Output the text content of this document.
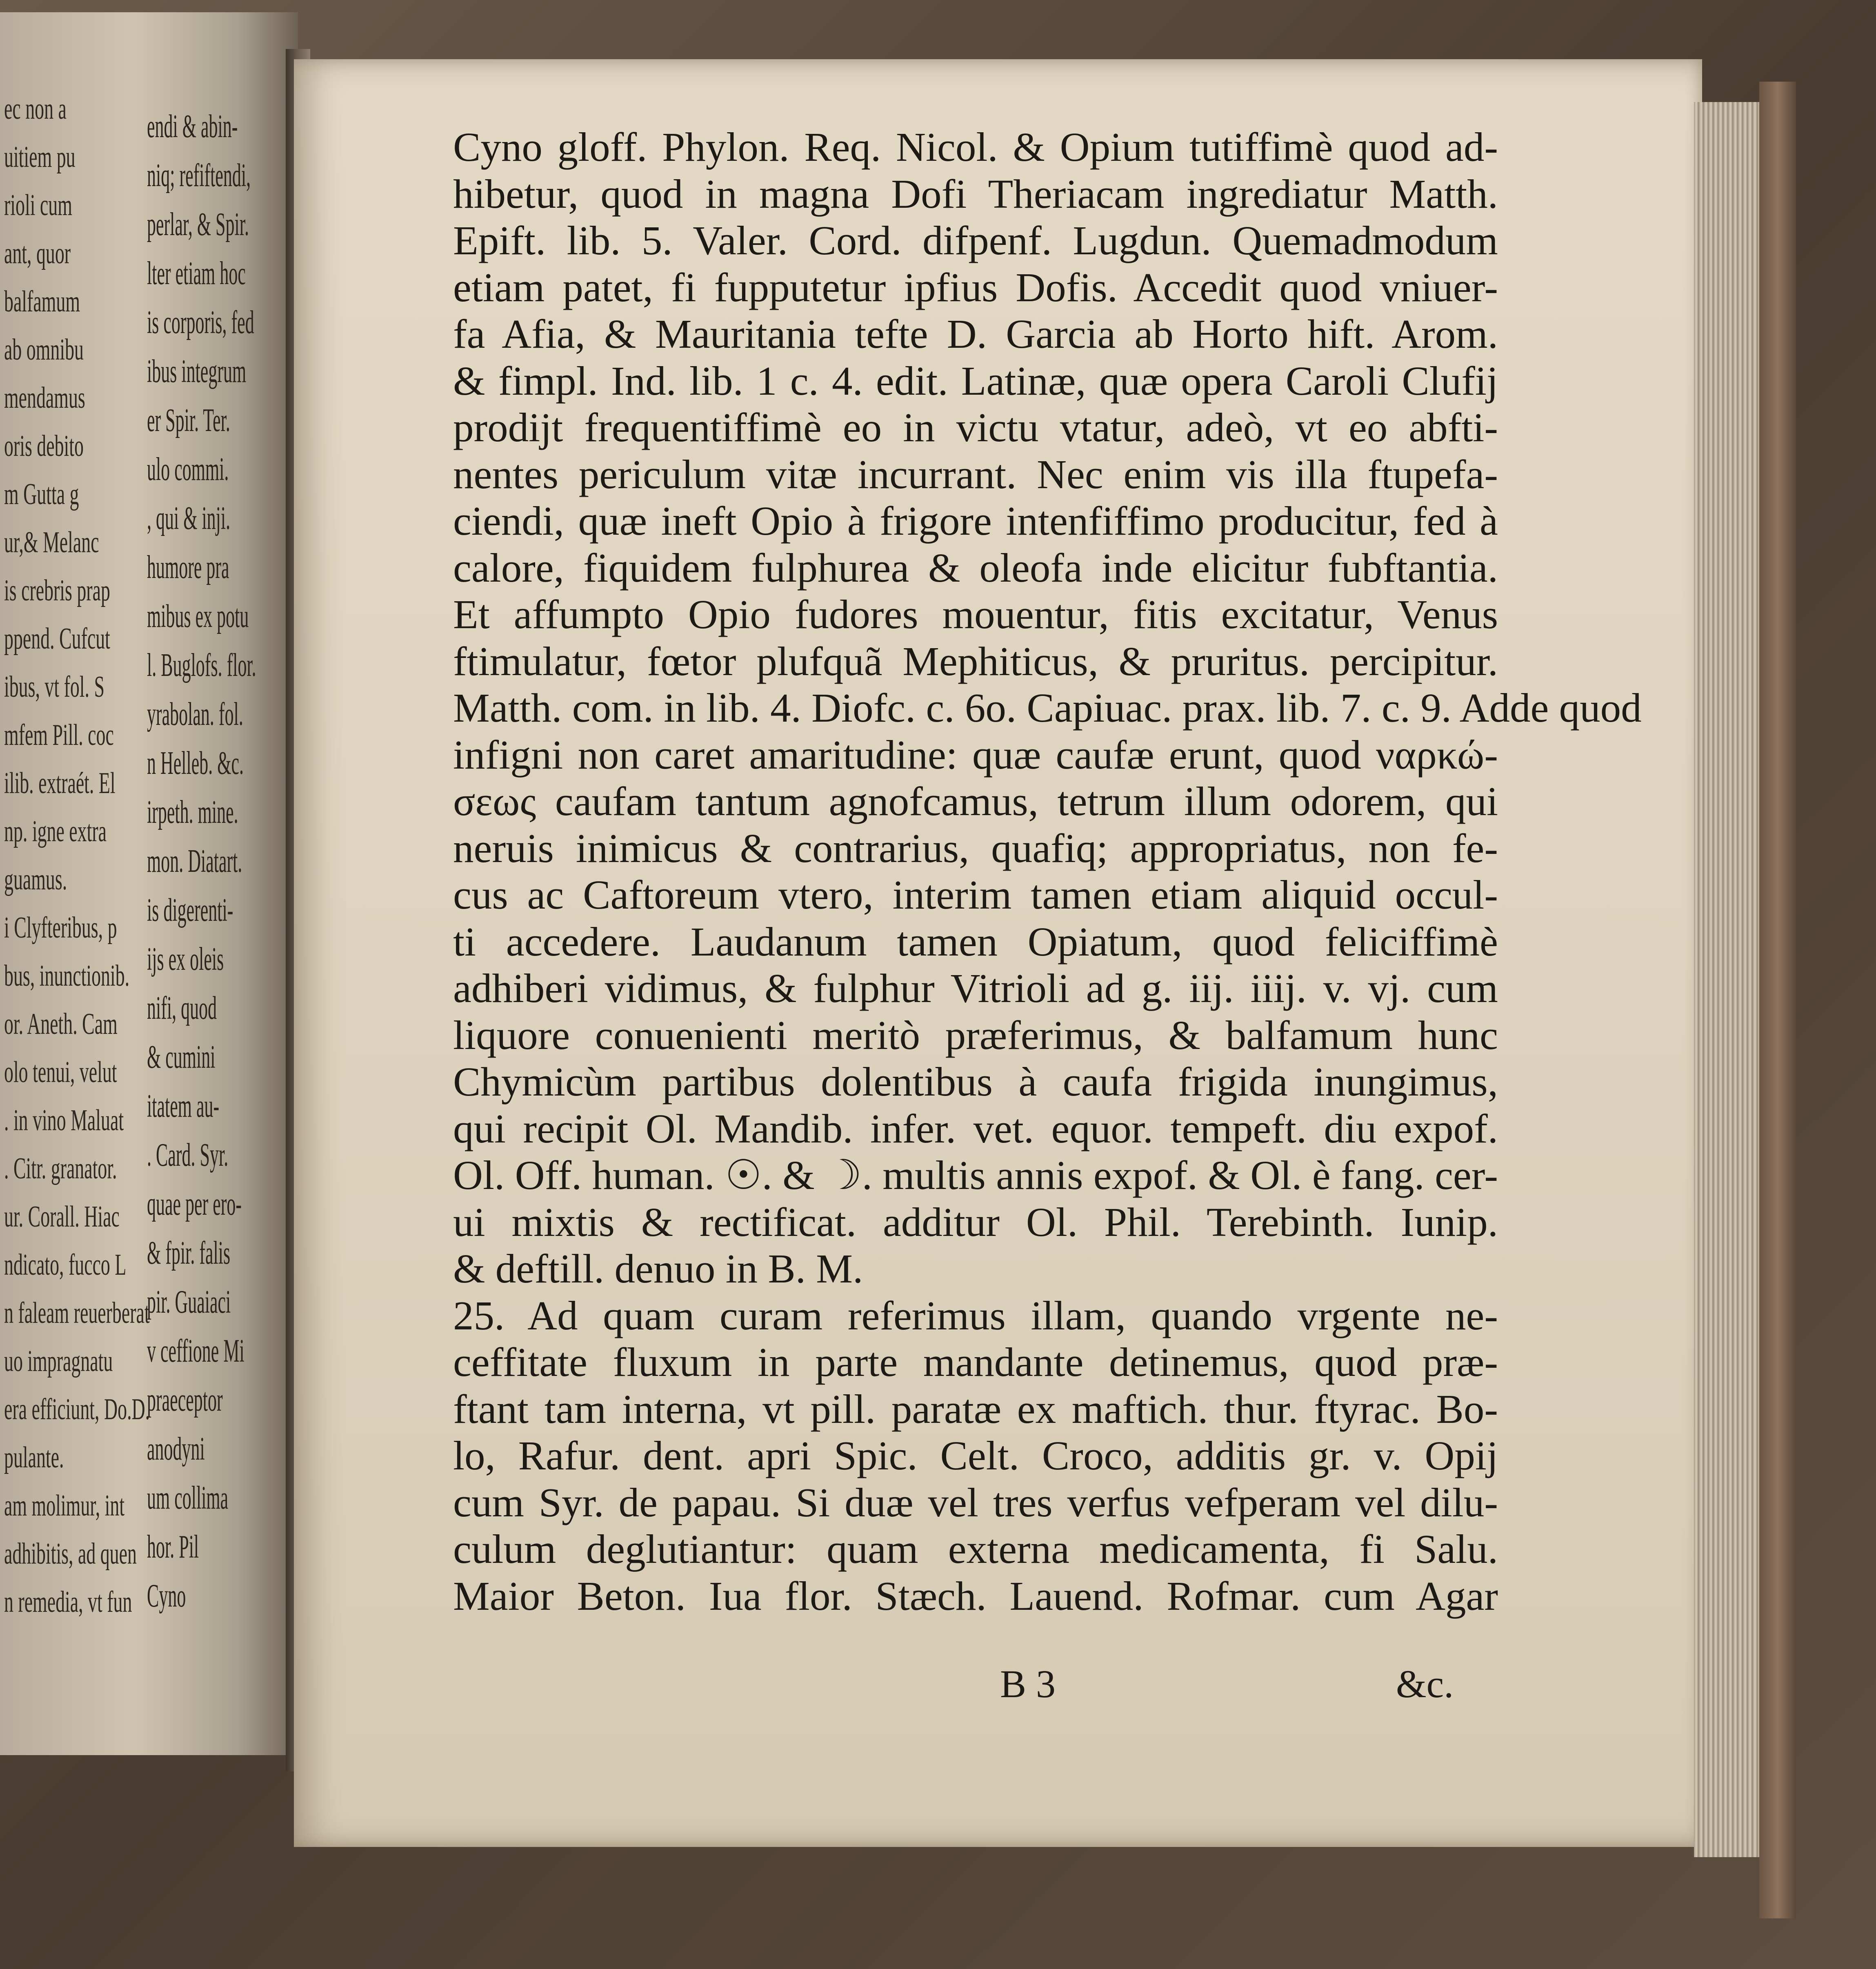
ec non a
uitiem pu
rioli cum
ant, quor
balfamum
ab omnibu
mendamus
oris debito
m Gutta g
ur,& Melanc
is crebris prap
ppend. Cufcut
ibus, vt fol. S
mfem Pill. coc
ilib. extraét. El
np. igne extra
guamus.
i Clyfteribus, p
bus, inunctionib.
or. Aneth. Cam
olo tenui, velut
. in vino Maluat
. Citr. granator.
ur. Corall. Hiac
ndicato, fucco L
n faleam reuerberat
uo impragnatu
era efficiunt, Do.D.
pulante.
am molimur, int
adhibitis, ad quen
n remedia, vt fun
endi & abin-
niq; refiftendi,
perlar, & Spir.
lter etiam hoc
is corporis, fed
ibus integrum
er Spir. Ter.
ulo commi.
, qui & inji.
humore pra
mibus ex potu
l. Buglofs. flor.
yrabolan. fol.
n Helleb. &c.
irpeth. mine.
mon. Diatart.
is digerenti-
ijs ex oleis
nifi, quod
& cumini
itatem au-
. Card. Syr.
quae per ero-
& fpir. falis
pir. Guaiaci
v ceffione Mi
praeceptor
anodyni
um collima
hor. Pil
Cyno
Cyno gloff. Phylon. Req. Nicol. & Opium tutiffimè quod ad-
hibetur, quod in magna Dofi Theriacam ingrediatur Matth.
Epift. lib. 5. Valer. Cord. difpenf. Lugdun. Quemadmodum
etiam patet, fi fupputetur ipfius Dofis. Accedit quod vniuer-
fa Afia, & Mauritania tefte D. Garcia ab Horto hift. Arom.
& fimpl. Ind. lib. 1 c. 4. edit. Latinæ, quæ opera Caroli Clufij
prodijt frequentiffimè eo in victu vtatur, adeò, vt eo abfti-
nentes periculum vitæ incurrant. Nec enim vis illa ftupefa-
ciendi, quæ ineft Opio à frigore intenfiffimo producitur, fed à
calore, fiquidem fulphurea & oleofa inde elicitur fubftantia.
Et affumpto Opio fudores mouentur, fitis excitatur, Venus
ftimulatur, fœtor plufquã Mephiticus, & pruritus. percipitur.
Matth. com. in lib. 4. Diofc. c. 6o. Capiuac. prax. lib. 7. c. 9. Adde quod
infigni non caret amaritudine: quæ caufæ erunt, quod ναρκώ-
σεως caufam tantum agnofcamus, tetrum illum odorem, qui
neruis inimicus & contrarius, quafiq; appropriatus, non fe-
cus ac Caftoreum vtero, interim tamen etiam aliquid occul-
ti accedere. Laudanum tamen Opiatum, quod feliciffimè
adhiberi vidimus, & fulphur Vitrioli ad g. iij. iiij. v. vj. cum
liquore conuenienti meritò præferimus, & balfamum hunc
Chymicùm partibus dolentibus à caufa frigida inungimus,
qui recipit Ol. Mandib. infer. vet. equor. tempeft. diu expof.
Ol. Off. human. ☉. & ☽. multis annis expof. & Ol. è fang. cer-
ui mixtis & rectificat. additur Ol. Phil. Terebinth. Iunip.
& deftill. denuo in B. M.
25. Ad quam curam referimus illam, quando vrgente ne-
ceffitate fluxum in parte mandante detinemus, quod præ-
ftant tam interna, vt pill. paratæ ex maftich. thur. ftyrac. Bo-
lo, Rafur. dent. apri Spic. Celt. Croco, additis gr. v. Opij
cum Syr. de papau. Si duæ vel tres verfus vefperam vel dilu-
culum deglutiantur: quam externa medicamenta, fi Salu.
Maior Beton. Iua flor. Stæch. Lauend. Rofmar. cum Agar
B 3	&c.
